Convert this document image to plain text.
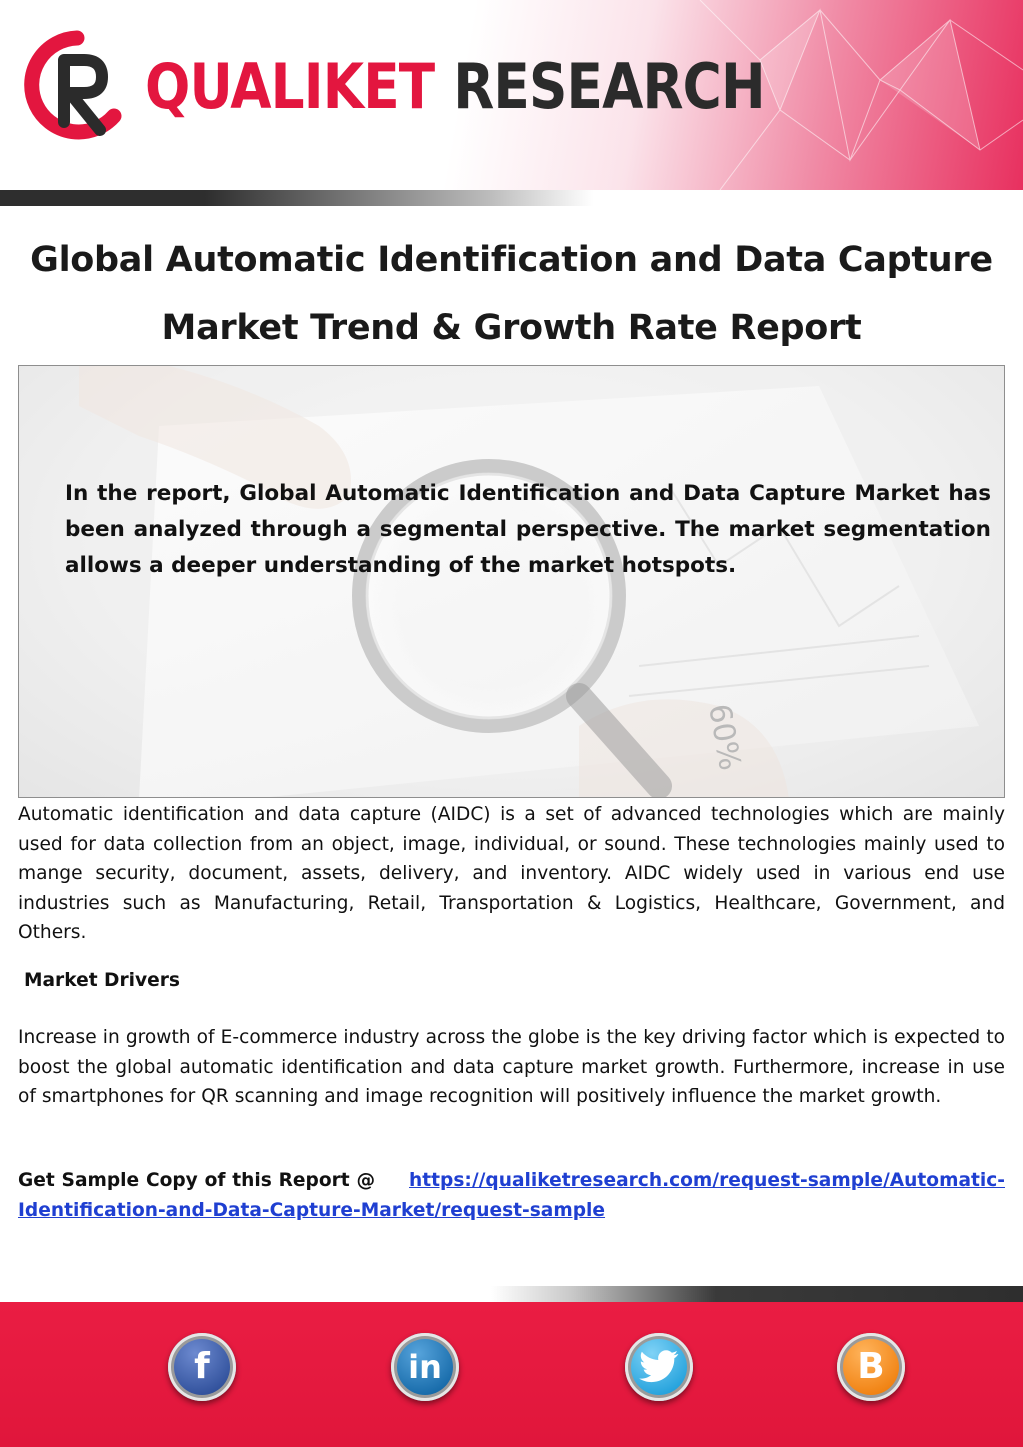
QUALIKET RESEARCH
Global Automatic Identification and Data Capture
Market Trend & Growth Rate Report
60%
In the report, Global Automatic Identification and Data Capture Market has been analyzed through a segmental perspective. The market segmentation allows a deeper understanding of the market hotspots.
Automatic identification and data capture (AIDC) is a set of advanced technologies which are mainly used for data collection from an object, image, individual, or sound. These technologies mainly used to mange security, document, assets, delivery, and inventory. AIDC widely used in various end use industries such as Manufacturing, Retail, Transportation & Logistics, Healthcare, Government, and Others.
Market Drivers
Increase in growth of E-commerce industry across the globe is the key driving factor which is expected to boost the global automatic identification and data capture market growth. Furthermore, increase in use of smartphones for QR scanning and image recognition will positively influence the market growth.
Get Sample Copy of this Report @ https://qualiketresearch.com/request-sample/Automatic-Identification-and-Data-Capture-Market/request-sample
f	in	B
